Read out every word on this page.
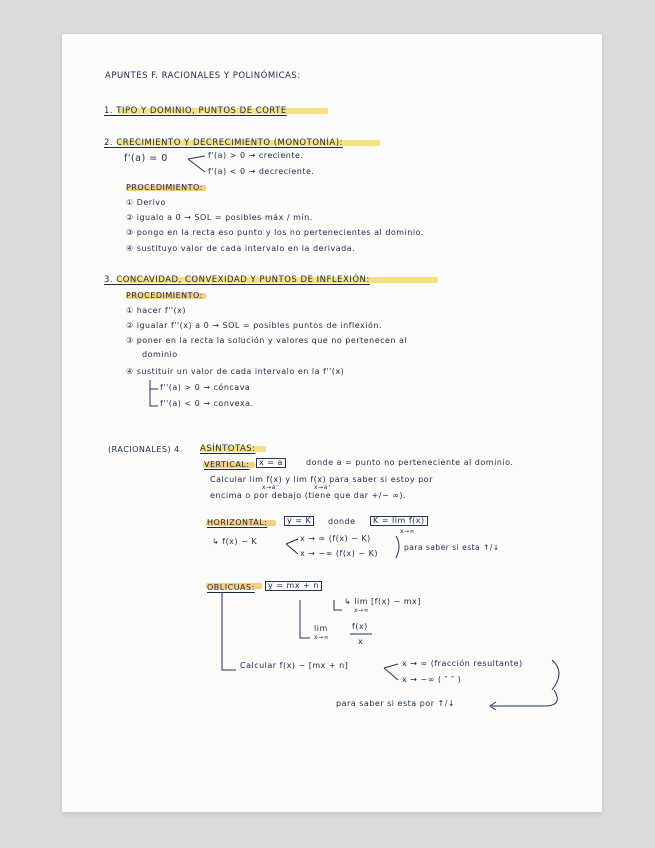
APUNTES F. RACIONALES Y POLINÓMICAS:
1. TIPO Y DOMINIO, PUNTOS DE CORTE
2. CRECIMIENTO Y DECRECIMIENTO (MONOTONÍA):
f'(a) = 0	f'(a) > 0 → creciente.
f'(a) < 0 → decreciente.
PROCEDIMIENTO:
① Derivo
② igualo a 0 → SOL = posibles máx / mín.
③ pongo en la recta eso punto y los no pertenecientes al dominio.
④ sustituyo valor de cada intervalo en la derivada.
3. CONCAVIDAD, CONVEXIDAD Y PUNTOS DE INFLEXIÓN:
PROCEDIMIENTO:
① hacer f''(x)
② igualar f''(x) a 0 → SOL = posibles puntos de inflexión.
③ poner en la recta la solución y valores que no pertenecen al
dominio
④ sustituir un valor de cada intervalo en la f''(x)
f''(a) > 0 → cóncava
f''(a) < 0 → convexa.
(RACIONALES) 4. ASÍNTOTAS:
VERTICAL:	x = a	donde a = punto no perteneciente al dominio.
Calcular lim f(x) y lim f(x) para saber si estoy por
x→a⁻	x→a⁺
encima o por debajo (tiene que dar +/− ∞).
HORIZONTAL:	y = K	donde	K = lim f(x)
x→∞
↳ f(x) − K	x → ∞ (f(x) − K)
x → −∞ (f(x) − K)
para saber si esta ↑/↓
OBLICUAS:	y = mx + n
↳ lim [f(x) − mx]
x→∞
lim
x→∞
f(x)
x
Calcular f(x) − [mx + n]	x → ∞ (fracción resultante)
x → −∞ ( ″ ″ )
para saber si esta por ↑/↓
